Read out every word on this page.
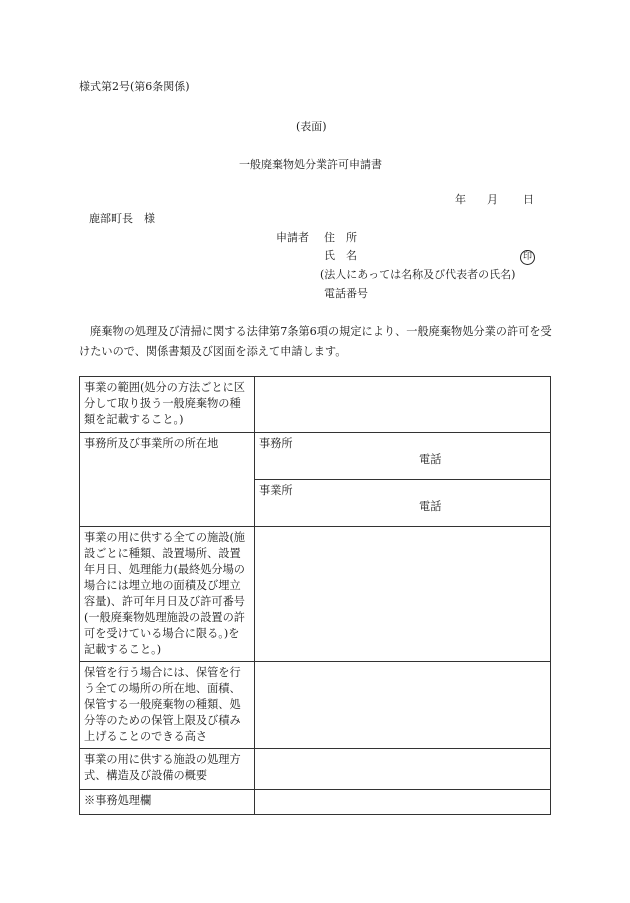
様式第2号(第6条関係)
(表面)
一般廃棄物処分業許可申請書
年 月 日
鹿部町長　様
申請者 住　所
氏　名	印
(法人にあっては名称及び代表者の氏名)
電話番号
廃棄物の処理及び清掃に関する法律第7条第6項の規定により、一般廃棄物処分業の許可を受けたいので、関係書類及び図面を添えて申請します。
事業の範囲(処分の方法ごとに区分して取り扱う一般廃棄物の種類を記載すること。)	
事務所及び事業所の所在地	事務所
電話

	事業所
電話

事業の用に供する全ての施設(施設ごとに種類、設置場所、設置年月日、処理能力(最終処分場の場合には埋立地の面積及び埋立容量)、許可年月日及び許可番号(一般廃棄物処理施設の設置の許可を受けている場合に限る。)を記載すること。)	
保管を行う場合には、保管を行う全ての場所の所在地、面積、保管する一般廃棄物の種類、処分等のための保管上限及び積み上げることのできる高さ	
事業の用に供する施設の処理方式、構造及び設備の概要	
※事務処理欄	
